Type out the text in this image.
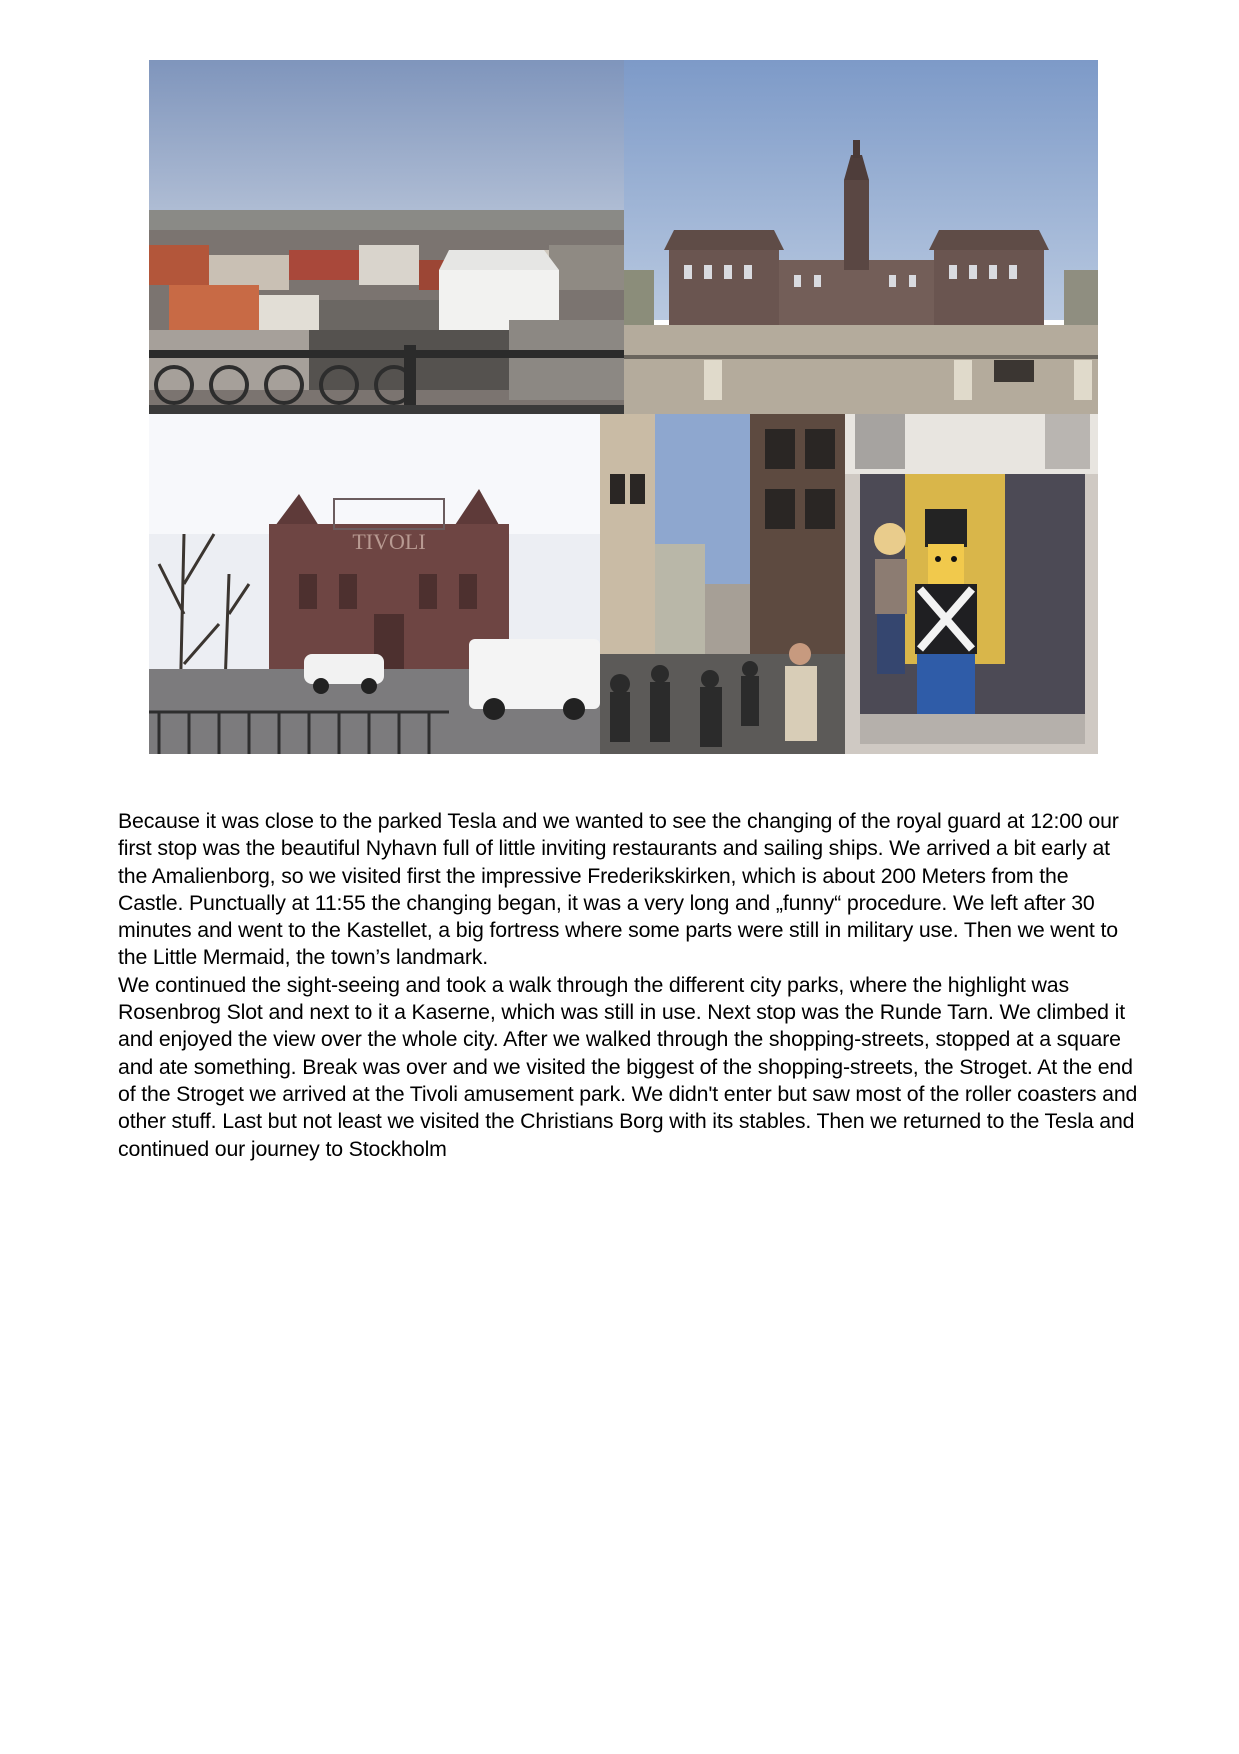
TIVOLI

Because it was close to the parked Tesla and we wanted to see the changing of the royal guard at 12:00 our first stop was the beautiful Nyhavn full of little inviting restaurants and sailing ships. We arrived a bit early at the Amalienborg, so we visited first the impressive Frederikskirken, which is about 200 Meters from the Castle. Punctually at 11:55 the changing began, it was a very long and „funny“ procedure. We left after 30 minutes and went to the Kastellet, a big fortress where some parts were still in military use. Then we went to the Little Mermaid, the town’s landmark.

We continued the sight-seeing and took a walk through the different city parks, where the highlight was Rosenbrog Slot and next to it a Kaserne, which was still in use. Next stop was the Runde Tarn. We climbed it and enjoyed the view over the whole city. After we walked through the shopping-streets, stopped at a square and ate something. Break was over and we visited the biggest of the shopping-streets, the Stroget. At the end of the Stroget we arrived at the Tivoli amusement park. We didn't enter but saw most of the roller coasters and other stuff. Last but not least we visited the Christians Borg with its stables. Then we returned to the Tesla and continued our journey to Stockholm
